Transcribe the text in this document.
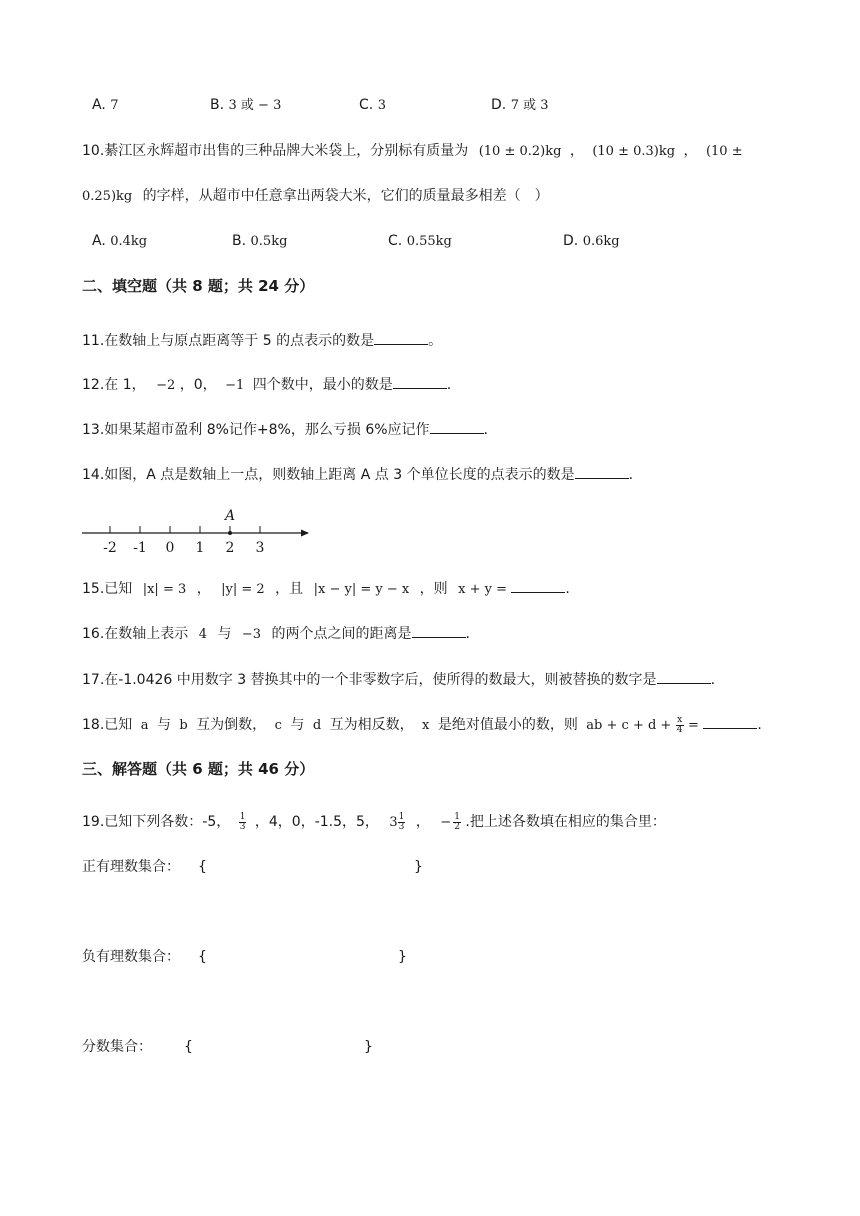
A. 7	B. 3 或 − 3	C. 3	D. 7 或 3
10.綦江区永辉超市出售的三种品牌大米袋上，分别标有质量为 (10 ± 0.2)kg ， (10 ± 0.3)kg ， (10 ±
0.25)kg 的字样，从超市中任意拿出两袋大米，它们的质量最多相差（　）
A. 0.4kg	B. 0.5kg	C. 0.55kg	D. 0.6kg
二、填空题（共 8 题；共 24 分）
11.在数轴上与原点距离等于 5 的点表示的数是	。
12.在 1， −2 ，0， −1 四个数中，最小的数是	.
13.如果某超市盈利 8%记作+8%，那么亏损 6%应记作	.
14.如图，A 点是数轴上一点，则数轴上距离 A 点 3 个单位长度的点表示的数是	.
-2 -1 0 1 2 3
A
15.已知 |x| = 3 ， |y| = 2 ，且 |x − y| = y − x ，则 x + y =	.
16.在数轴上表示 4 与 −3 的两个点之间的距离是	.
17.在-1.0426 中用数字 3 替换其中的一个非零数字后，使所得的数最大，则被替换的数字是	.
18.已知 a 与 b 互为倒数， c 与 d 互为相反数， x 是绝对值最小的数，则 ab + $c + d + \frac{x}{4}$ =	.
三、解答题（共 6 题；共 46 分）
19.已知下列各数：-5， $\frac{1}{3}$ ，4，0，-1.5，5， $3 \frac{1}{3}$ ， − $\frac{1}{2}$ .把上述各数填在相应的集合里：
正有理数集合： {	}
负有理数集合： {	}
分数集合： {	}
